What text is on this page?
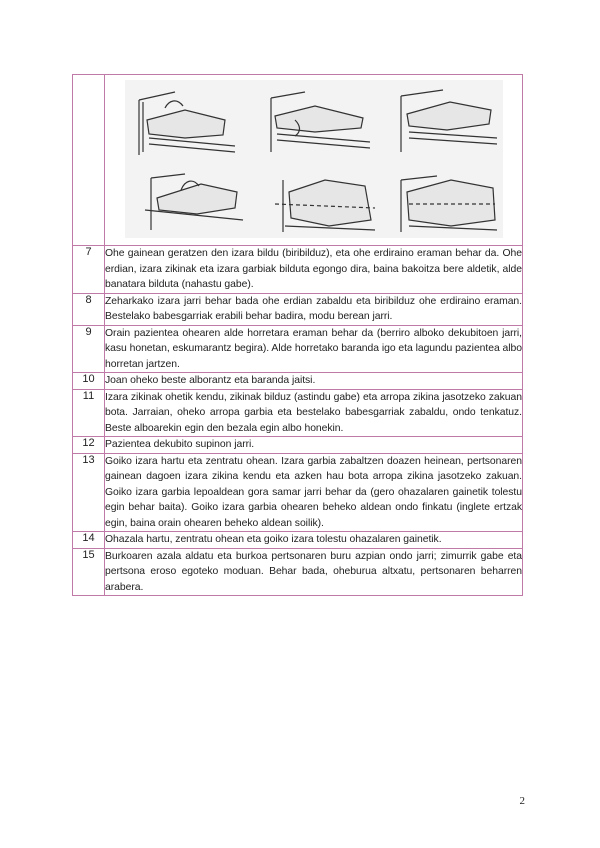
7	Ohe gainean geratzen den izara bildu (biribilduz), eta ohe erdiraino eraman behar da. Ohe erdian, izara zikinak eta izara garbiak bilduta egongo dira, baina bakoitza bere aldetik, alde banatara bilduta (nahastu gabe).
8	Zeharkako izara jarri behar bada ohe erdian zabaldu eta biribilduz ohe erdiraino eraman. Bestelako babesgarriak erabili behar badira, modu berean jarri.
9	Orain pazientea ohearen alde horretara eraman behar da (berriro alboko dekubitoen jarri, kasu honetan, eskumarantz begira). Alde horretako baranda igo eta lagundu pazientea albo horretan jartzen.
10	Joan oheko beste alborantz eta baranda jaitsi.
11	Izara zikinak ohetik kendu, zikinak bilduz (astindu gabe) eta arropa zikina jasotzeko zakuan bota. Jarraian, oheko arropa garbia eta bestelako babesgarriak zabaldu, ondo tenkatuz. Beste alboarekin egin den bezala egin albo honekin.
12	Pazientea dekubito supinon jarri.
13	Goiko izara hartu eta zentratu ohean. Izara garbia zabaltzen doazen heinean, pertsonaren gainean dagoen izara zikina kendu eta azken hau bota arropa zikina jasotzeko zakuan. Goiko izara garbia lepoaldean gora samar jarri behar da (gero ohazalaren gainetik tolestu egin behar baita). Goiko izara garbia ohearen beheko aldean ondo finkatu (inglete ertzak egin, baina orain ohearen beheko aldean soilik).
14	Ohazala hartu, zentratu ohean eta goiko izara tolestu ohazalaren gainetik.
15	Burkoaren azala aldatu eta burkoa pertsonaren buru azpian ondo jarri; zimurrik gabe eta pertsona eroso egoteko moduan. Behar bada, oheburua altxatu, pertsonaren beharren arabera.
2
